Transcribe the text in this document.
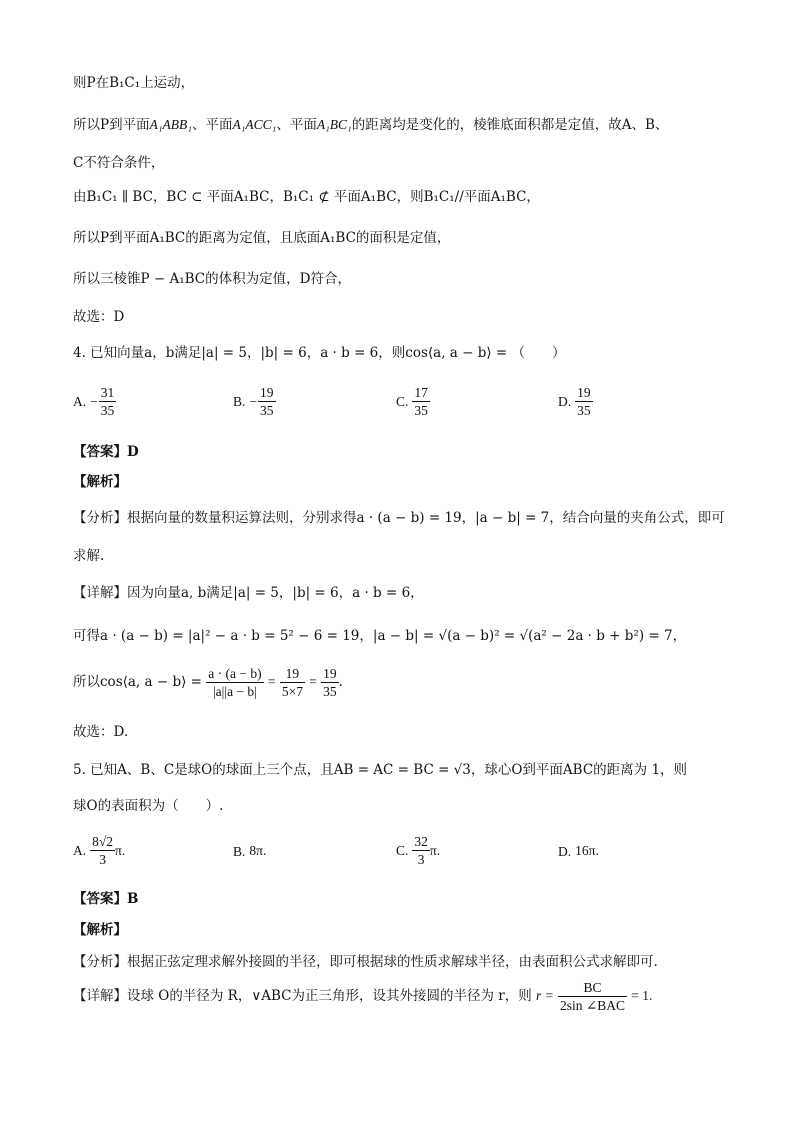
则P在B₁C₁上运动，
所以P到平面A₁ABB₁、平面A₁ACC₁、平面A₁BC₁的距离均是变化的，棱锥底面积都是定值，故A、B、
C不符合条件，
由B₁C₁ ∥ BC，BC ⊂ 平面A₁BC，B₁C₁ ⊄ 平面A₁BC，则B₁C₁//平面A₁BC，
所以P到平面A₁BC的距离为定值，且底面A₁BC的面积是定值，
所以三棱锥P − A₁BC的体积为定值，D符合，
故选：D
4. 已知向量a，b满足|a| = 5，|b| = 6，a · b = 6，则cos⟨a, a − b⟩ = （　　）
A. − $\frac{31}{35}$	B. − $\frac{19}{35}$	C. $\frac{17}{35}$	D. $\frac{19}{35}$
【答案】D
【解析】
【分析】根据向量的数量积运算法则，分别求得a · (a − b) = 19，|a − b| = 7，结合向量的夹角公式，即可
求解.
【详解】因为向量a, b满足|a| = 5，|b| = 6，a · b = 6，
可得a · (a − b) = |a|² − a · b = 5² − 6 = 19，|a − b| = √(a − b)² = √(a² − 2a · b + b²) = 7，
所以cos⟨a, a − b⟩ = $\frac{a \cdot (a - b)}{|a||a - b|} = \frac{19}{5\times 7} = \frac{19}{35}$ .
故选：D.
5. 已知A、B、C是球O的球面上三个点，且AB = AC = BC = √3，球心O到平面ABC的距离为 1，则
球O的表面积为（　　）.
A. $\frac{8√2}{3} \pi$.	B. 8π.	C. $\frac{32}{3} \pi$.	D. 16π.
【答案】B
【解析】
【分析】根据正弦定理求解外接圆的半径，即可根据球的性质求解球半径，由表面积公式求解即可.
【详解】设球 O的半径为 R，∨ABC为正三角形，设其外接圆的半径为 r，则 $r = \frac{BC}{\text{2sin ∠BAC}} = 1$.
